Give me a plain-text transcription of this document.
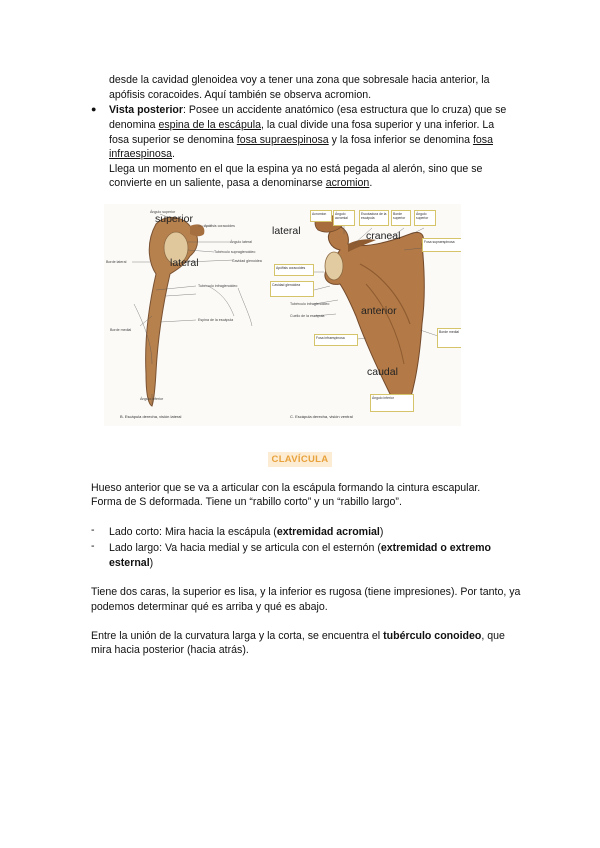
desde la cavidad glenoidea voy a tener una zona que sobresale hacia anterior, la

apófisis coracoides. Aquí también se observa acromion.

● Vista posterior: Posee un accidente anatómico (esa estructura que lo cruza) que se

denomina espina de la escápula, la cual divide una fosa superior y una inferior. La

fosa superior se denomina fosa supraespinosa y la fosa inferior se denomina fosa

infraespinosa.

Llega un momento en el que la espina ya no está pegada al alerón, sino que se

convierte en un saliente, pasa a denominarse acromion.

superior
lateral
lateral	craneal
anterior
caudal
Ángulo superior
Apófisis coracoides
Ángulo lateral
Tubérculo supraglenoideo
Cavidad glenoidea
Tubérculo infraglenoideo
Borde lateral
Espina de la escápula
Borde medial
Ángulo inferior
Acromion	Ángulo acromial
Escotadura de la escápula
Borde superior
Ángulo superior
Fosa supraespinosa
Apófisis coracoides
Cavidad glenoidea
Fosa infraespinosa
Borde medial
Ángulo inferior
Tubérculo infraglenoideo
Cuello de la escápula
B. Escápula derecha, visión lateral	C. Escápula derecha, visión ventral
CLAVÍCULA

Hueso anterior que se va a articular con la escápula formando la cintura escapular.

Forma de S deformada. Tiene un “rabillo corto” y un “rabillo largo”.

- Lado corto: Mira hacia la escápula (extremidad acromial)

- Lado largo: Va hacia medial y se articula con el esternón (extremidad o extremo

esternal)

Tiene dos caras, la superior es lisa, y la inferior es rugosa (tiene impresiones). Por tanto, ya

podemos determinar qué es arriba y qué es abajo.

Entre la unión de la curvatura larga y la corta, se encuentra el tubérculo conoideo, que

mira hacia posterior (hacia atrás).
